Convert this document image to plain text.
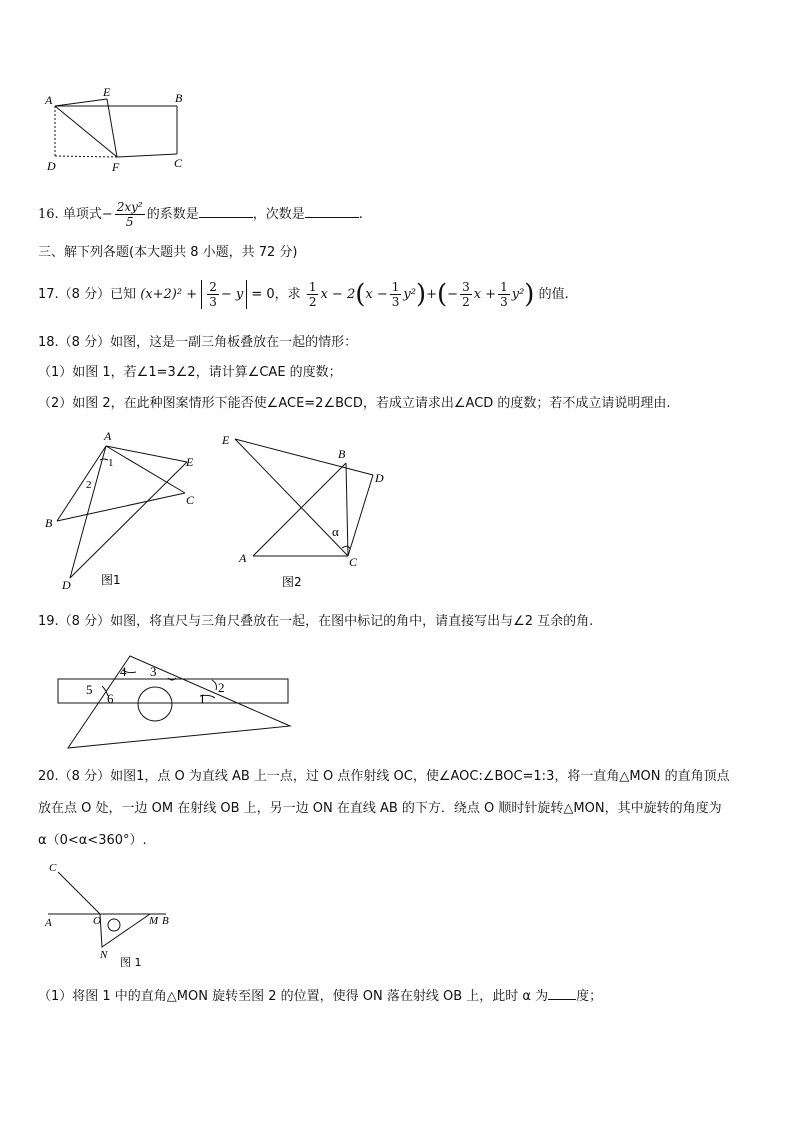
A
E	B
D	F	C
16. 单项式− $\frac{\text{2xy²}}{5}$ 的系数是	，次数是	.
三、解下列各题(本大题共 8 小题，共 72 分)
17.（8 分）已知 $(x+2)^2 + \frac{2}{3} - y = 0$，求 $\frac{1}{2}$ $x - 2(x - \frac{1}{3} y^2)+(- \frac{3}{2}$ $x + \frac{1}{3} y^2$) 的值.
18.（8 分）如图，这是一副三角板叠放在一起的情形：
（1）如图 1，若∠1=3∠2，请计算∠CAE 的度数；
（2）如图 2，在此种图案情形下能否使∠ACE=2∠BCD，若成立请求出∠ACD 的度数；若不成立请说明理由.
A
E
C
B
D
1
2
图1
E
B
D
A	C
α
图2
19.（8 分）如图，将直尺与三角尺叠放在一起，在图中标记的角中，请直接写出与∠2 互余的角.
4 3
5
6	1
2
20.（8 分）如图1，点 O 为直线 AB 上一点，过 O 点作射线 OC，使∠AOC:∠BOC=1:3，将一直角△MON 的直角顶点
放在点 O 处，一边 OM 在射线 OB 上，另一边 ON 在直线 AB 的下方．绕点 O 顺时针旋转△MON，其中旋转的角度为
α（0<α<360°）.
C
A	O	M B
N
图 1
（1）将图 1 中的直角△MON 旋转至图 2 的位置，使得 ON 落在射线 OB 上，此时 α 为 度；
